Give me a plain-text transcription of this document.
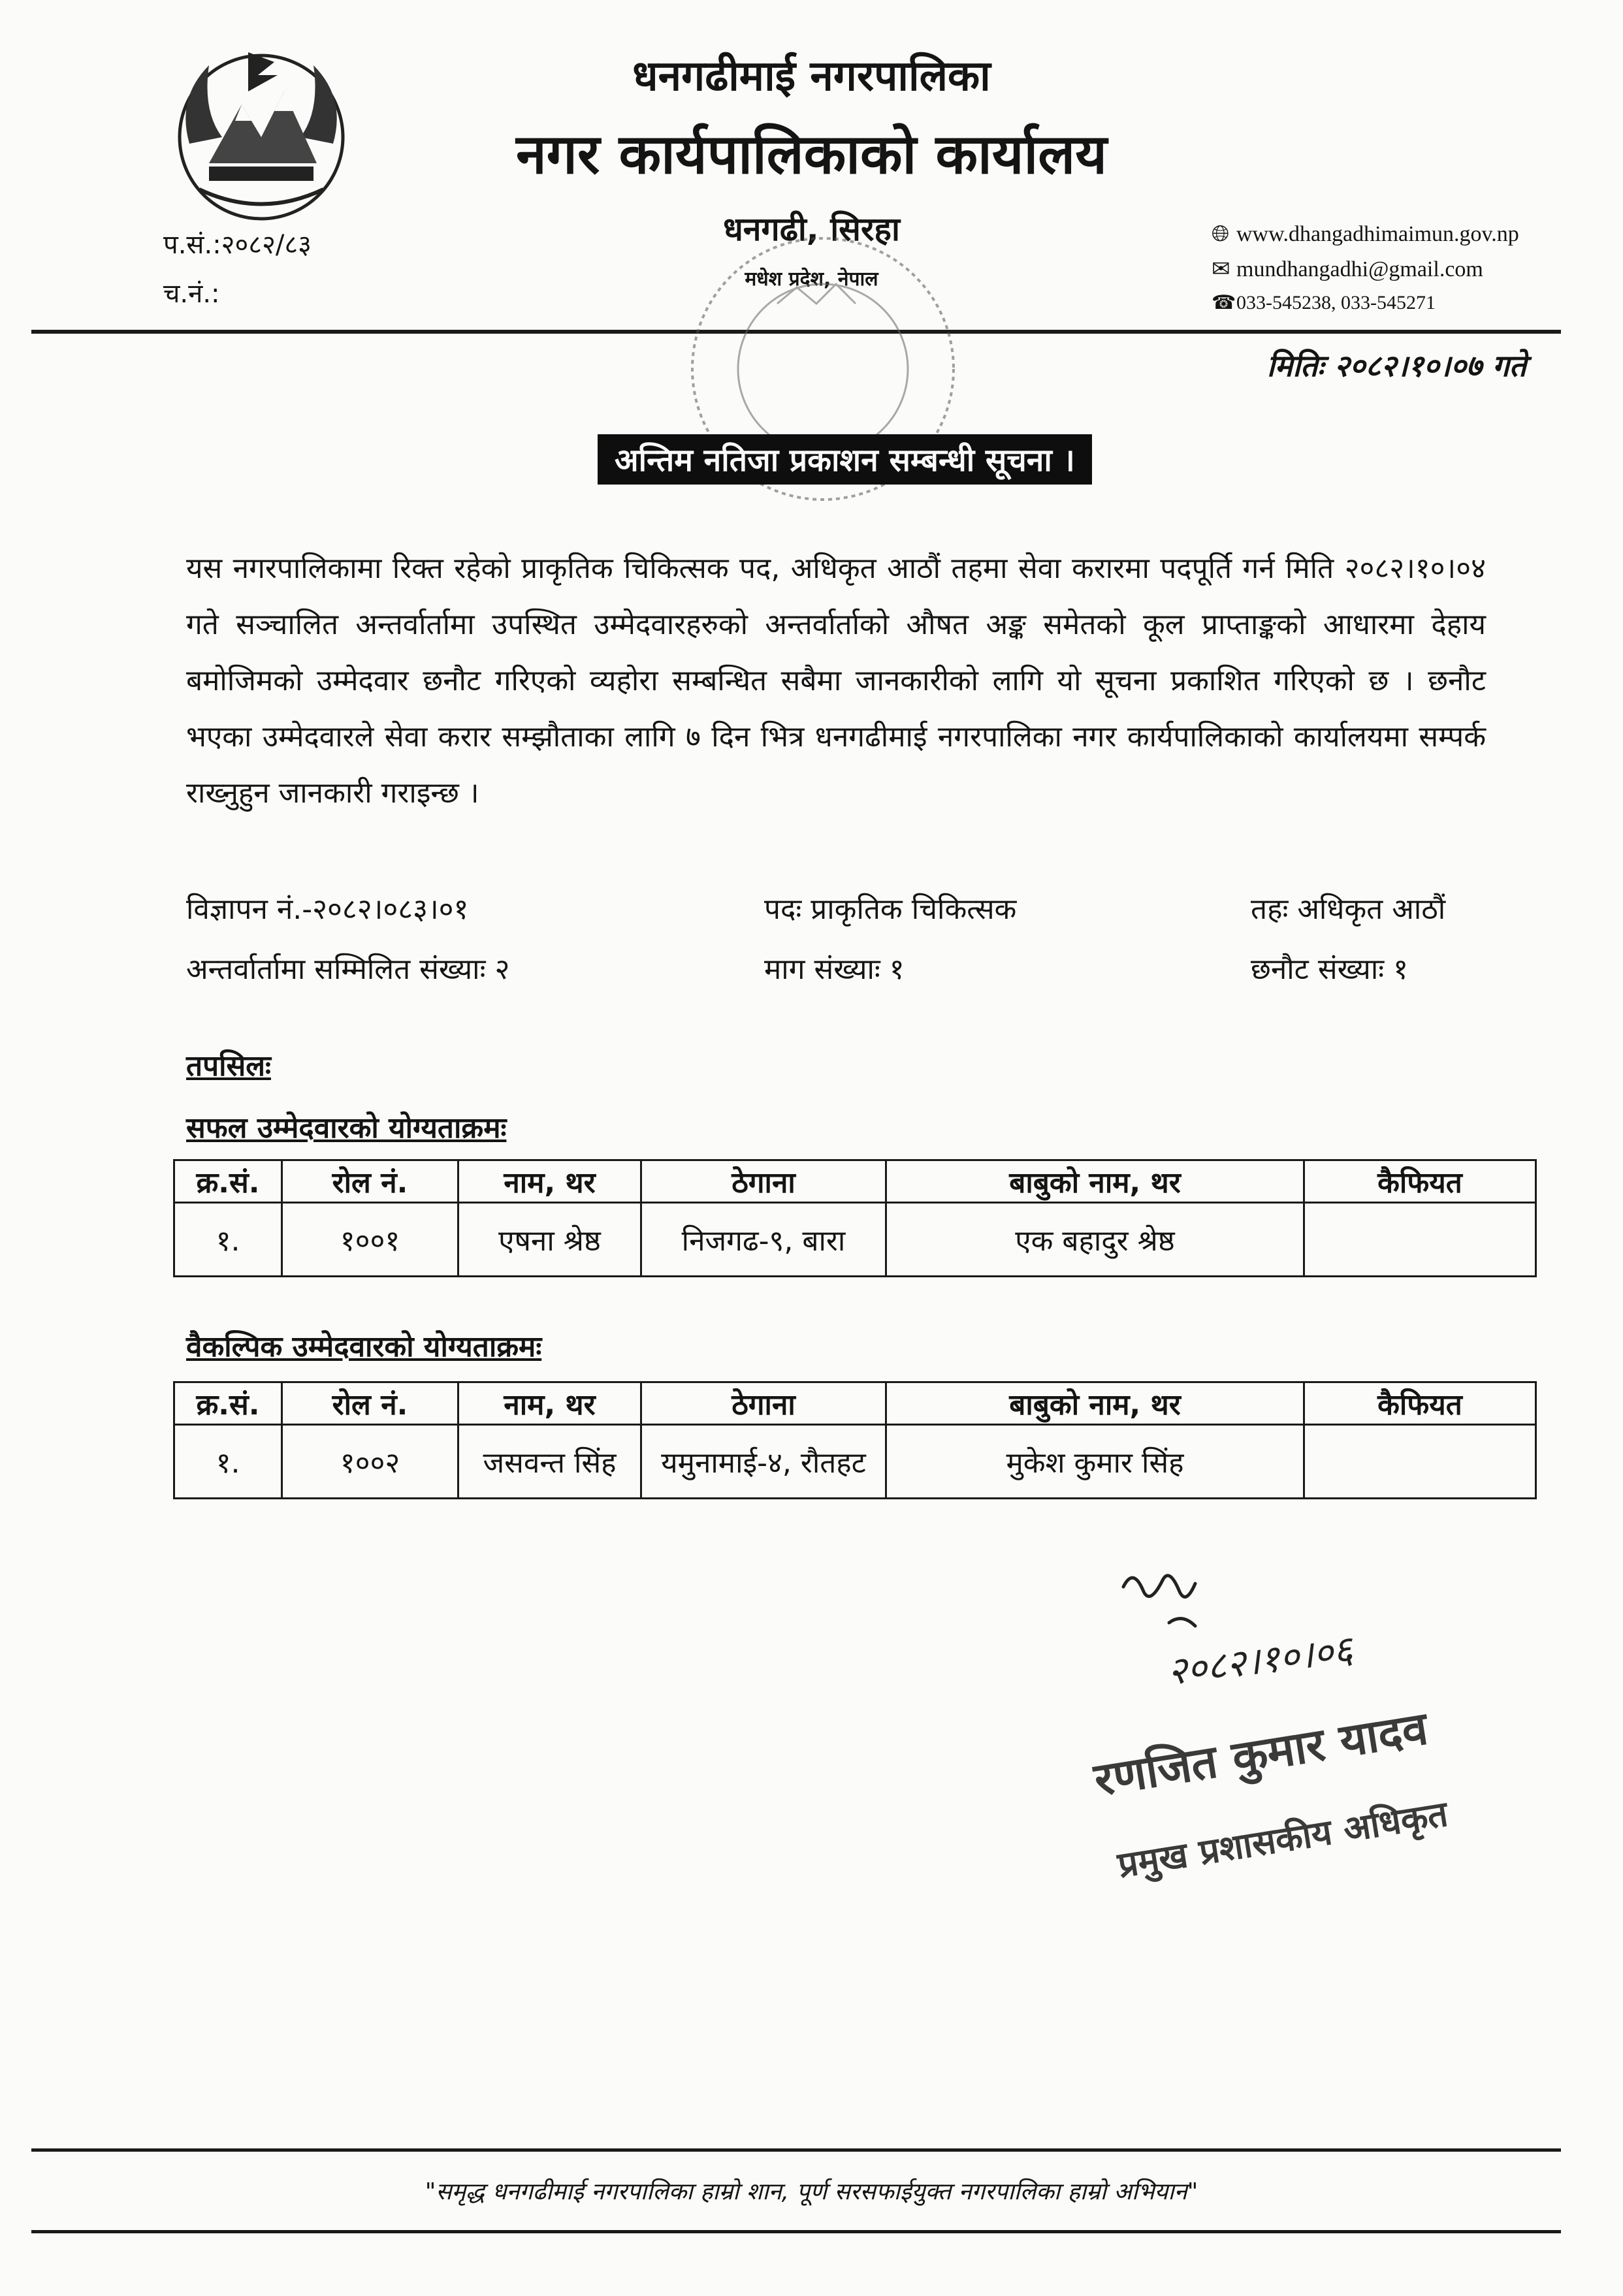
धनगढीमाई नगरपालिका
नगर कार्यपालिकाको कार्यालय
धनगढी, सिरहा
मधेश प्रदेश, नेपाल
प.सं.:२०८२/८३
च.नं.:
🌐︎ www.dhangadhimaimun.gov.np
✉ mundhangadhi@gmail.com
☎033-545238, 033-545271
मितिः २०८२।१०।०७ गते
अन्तिम नतिजा प्रकाशन सम्बन्धी सूचना ।
यस नगरपालिकामा रिक्त रहेको प्राकृतिक चिकित्सक पद, अधिकृत आठौं तहमा सेवा करारमा पदपूर्ति गर्न मिति २०८२।१०।०४ गते सञ्चालित अन्तर्वार्तामा उपस्थित उम्मेदवारहरुको अन्तर्वार्ताको औषत अङ्क समेतको कूल प्राप्ताङ्कको आधारमा देहाय बमोजिमको उम्मेदवार छनौट गरिएको व्यहोरा सम्बन्धित सबैमा जानकारीको लागि यो सूचना प्रकाशित गरिएको छ । छनौट भएका उम्मेदवारले सेवा करार सम्झौताका लागि ७ दिन भित्र धनगढीमाई नगरपालिका नगर कार्यपालिकाको कार्यालयमा सम्पर्क राख्नुहुन जानकारी गराइन्छ ।
विज्ञापन नं.-२०८२।०८३।०१	पदः प्राकृतिक चिकित्सक	तहः अधिकृत आठौं
अन्तर्वार्तामा सम्मिलित संख्याः २	माग संख्याः १	छनौट संख्याः १
तपसिलः
सफल उम्मेदवारको योग्यताक्रमः
क्र.सं.	रोल नं.	नाम, थर	ठेगाना	बाबुको नाम, थर	कैफियत
१.	१००१	एषना श्रेष्ठ	निजगढ-९, बारा	एक बहादुर श्रेष्ठ	
वैकल्पिक उम्मेदवारको योग्यताक्रमः
क्र.सं.	रोल नं.	नाम, थर	ठेगाना	बाबुको नाम, थर	कैफियत
१.	१००२	जसवन्त सिंह	यमुनामाई-४, रौतहट	मुकेश कुमार सिंह	
२०८२।१०।०६
रणजित कुमार यादव
प्रमुख प्रशासकीय अधिकृत
"समृद्ध धनगढीमाई नगरपालिका हाम्रो शान, पूर्ण सरसफाईयुक्त नगरपालिका हाम्रो अभियान"
